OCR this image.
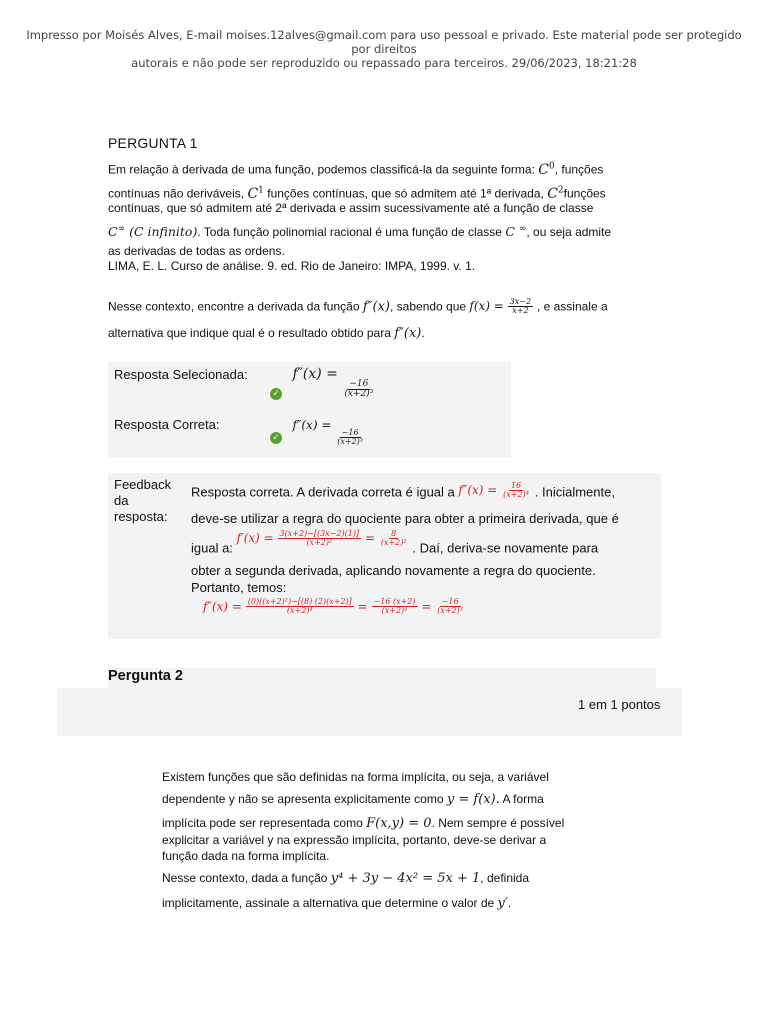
Impresso por Moisés Alves, E-mail moises.12alves@gmail.com para uso pessoal e privado. Este material pode ser protegido por direitos
autorais e não pode ser reproduzido ou repassado para terceiros. 29/06/2023, 18:21:28
PERGUNTA 1
Em relação à derivada de uma função, podemos classificá-la da seguinte forma: $C^0$, funções
contínuas não deriváveis, $C^1$ funções contínuas, que só admitem até 1ª derivada, $C^2funções$
contínuas, que só admitem até 2ª derivada e assim sucessivamente até a função de classe
C∞ (C infinito). Toda função polinomial racional é uma função de classe C ∞, ou seja admite
as derivadas de todas as ordens.
LIMA, E. L. Curso de análise. 9. ed. Rio de Janeiro: IMPA, 1999. v. 1.
Nesse contexto, encontre a derivada da função f″(x), sabendo que $f(x) = \frac{3x-2}{x+2}$ , e assinale a
alternativa que indique qual é o resultado obtido para f″(x).
Resposta Selecionada:
✓ f″(x) =
$\frac{-16}{\text{(x+2)³}}$
Resposta Correta:
✓ $^{f''(x) = \frac{-16}{\text{(x+2)³}}}$
Feedback
da
resposta:
Resposta correta. A derivada correta é igual a $f''(x) = \frac{16}{\text{(x+2)⁴}}$ . Inicialmente,
deve-se utilizar a regra do quociente para obter a primeira derivada, que é
igual a: $f'(x) = \frac{3(x+2)-[(3x-2)(1)]}{\text{(x+2)²}} = \frac{8}{\text{(x+2)²}}$
. Daí, deriva-se novamente para
obter a segunda derivada, aplicando novamente a regra do quociente.
Portanto, temos:
$f''(x) = \frac{\text{(0)((x+2)²)−[(8) (2)(x+2)]}}{\text{(x+2)⁴}} = \frac{-16 (x+2)}{\text{(x+2)⁴}} = \frac{-16}{\text{(x+2)³}}$
Pergunta 2
1 em 1 pontos
Existem funções que são definidas na forma implícita, ou seja, a variável
dependente y não se apresenta explicitamente como y = f(x). A forma
implícita pode ser representada como F(x,y) = 0. Nem sempre é possível
explicitar a variável y na expressão implícita, portanto, deve-se derivar a
função dada na forma implícita.
Nesse contexto, dada a função y⁴ + 3y − 4x² = 5x + 1, definida
implicitamente, assinale a alternativa que determine o valor de y′.
